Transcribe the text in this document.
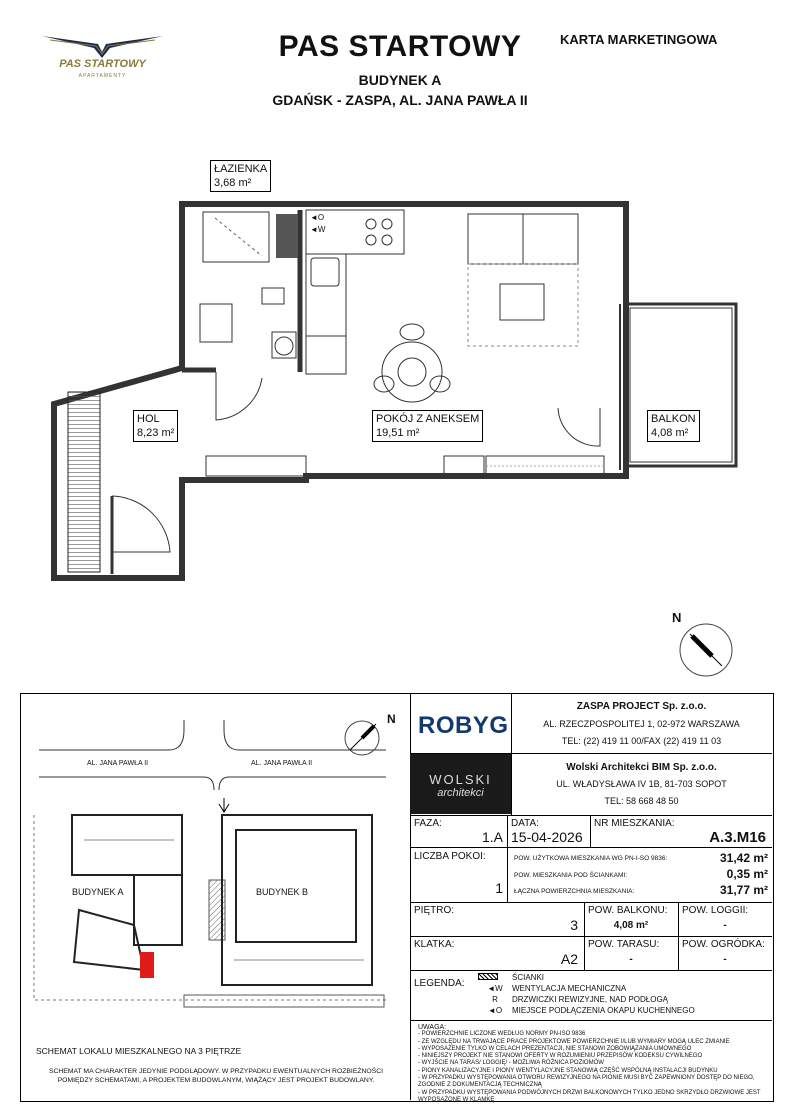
PAS STARTOWY
APARTAMENTY
PAS STARTOWY
BUDYNEK A
GDAŃSK - ZASPA, AL. JANA PAWŁA II
KARTA MARKETINGOWA
ŁAZIENKA
3,68 m²
HOL
8,23 m²
POKÓJ Z ANEKSEM
19,51 m²
BALKON
4,08 m²
◄O
◄W
N
AL. JANA PAWŁA II	AL. JANA PAWŁA II
BUDYNEK A	BUDYNEK B
N
SCHEMAT LOKALU MIESZKALNEGO NA 3 PIĘTRZE
SCHEMAT MA CHARAKTER JEDYNIE PODGLĄDOWY. W PRZYPADKU EWENTUALNYCH ROZBIEŻNOŚCI
POMIĘDZY SCHEMATAMI, A PROJEKTEM BUDOWLANYM, WIĄŻĄCY JEST PROJEKT BUDOWLANY.
ROBYG
ZASPA PROJECT Sp. z.o.o.
AL. RZECZPOSPOLITEJ 1, 02-972 WARSZAWA
TEL: (22) 419 11 00/FAX (22) 419 11 03
WOLSKI
architekci
Wolski Architekci BIM Sp. z.o.o.
UL. WŁADYSŁAWA IV 1B, 81-703 SOPOT
TEL: 58 668 48 50
FAZA:
1.A
DATA:
15-04-2026
NR MIESZKANIA:
A.3.M16
LICZBA POKOI:
1
POW. UŻYTKOWA MIESZKANIA WG PN-I-SO 9836:	31,42 m²
POW. MIESZKANIA POD ŚCIANKAMI:	0,35 m²
ŁĄCZNA POWIERZCHNIA MIESZKANIA:	31,77 m²
PIĘTRO:
3
POW. BALKONU:
4,08 m²
POW. LOGGII:
-
KLATKA:
A2
POW. TARASU:
-
POW. OGRÓDKA:
-
LEGENDA:
ŚCIANKI
◄W WENTYLACJA MECHANICZNA
R DRZWICZKI REWIZYJNE, NAD PODŁOGĄ
◄O MIEJSCE PODŁĄCZENIA OKAPU KUCHENNEGO
UWAGA:
- POWIERZCHNIE LICZONE WEDŁUG NORMY PN-ISO 9836
- ZE WZGLĘDU NA TRWAJĄCE PRACE PROJEKTOWE POWIERZCHNIE I/LUB WYMIARY MOGĄ ULEC ZMIANIE
- WYPOSAŻENIE TYLKO W CELACH PREZENTACJI, NIE STANOWI ZOBOWIĄZANIA UMOWNEGO
- NINIEJSZY PROJEKT NIE STANOWI OFERTY W ROZUMIENIU PRZEPISÓW KODEKSU CYWILNEGO
- WYJŚCIE NA TARAS/ LOGGIĘ/ - MOŻLIWA RÓŻNICA POZIOMÓW
- PIONY KANALIZACYJNE I PIONY WENTYLACYJNE STANOWIĄ CZĘŚĆ WSPÓLNĄ INSTALACJI BUDYNKU
- W PRZYPADKU WYSTĘPOWANIA OTWORU REWIZYJNEGO NA PIONIE MUSI BYĆ ZAPEWNIONY DOSTĘP DO NIEGO,
ZGODNIE Z DOKUMENTACJĄ TECHNICZNĄ
- W PRZYPADKU WYSTĘPOWANIA PODWÓJNYCH DRZWI BALKONOWYCH TYLKO JEDNO SKRZYDŁO DRZWIOWE JEST
WYPOSAŻONE W KLAMKĘ
